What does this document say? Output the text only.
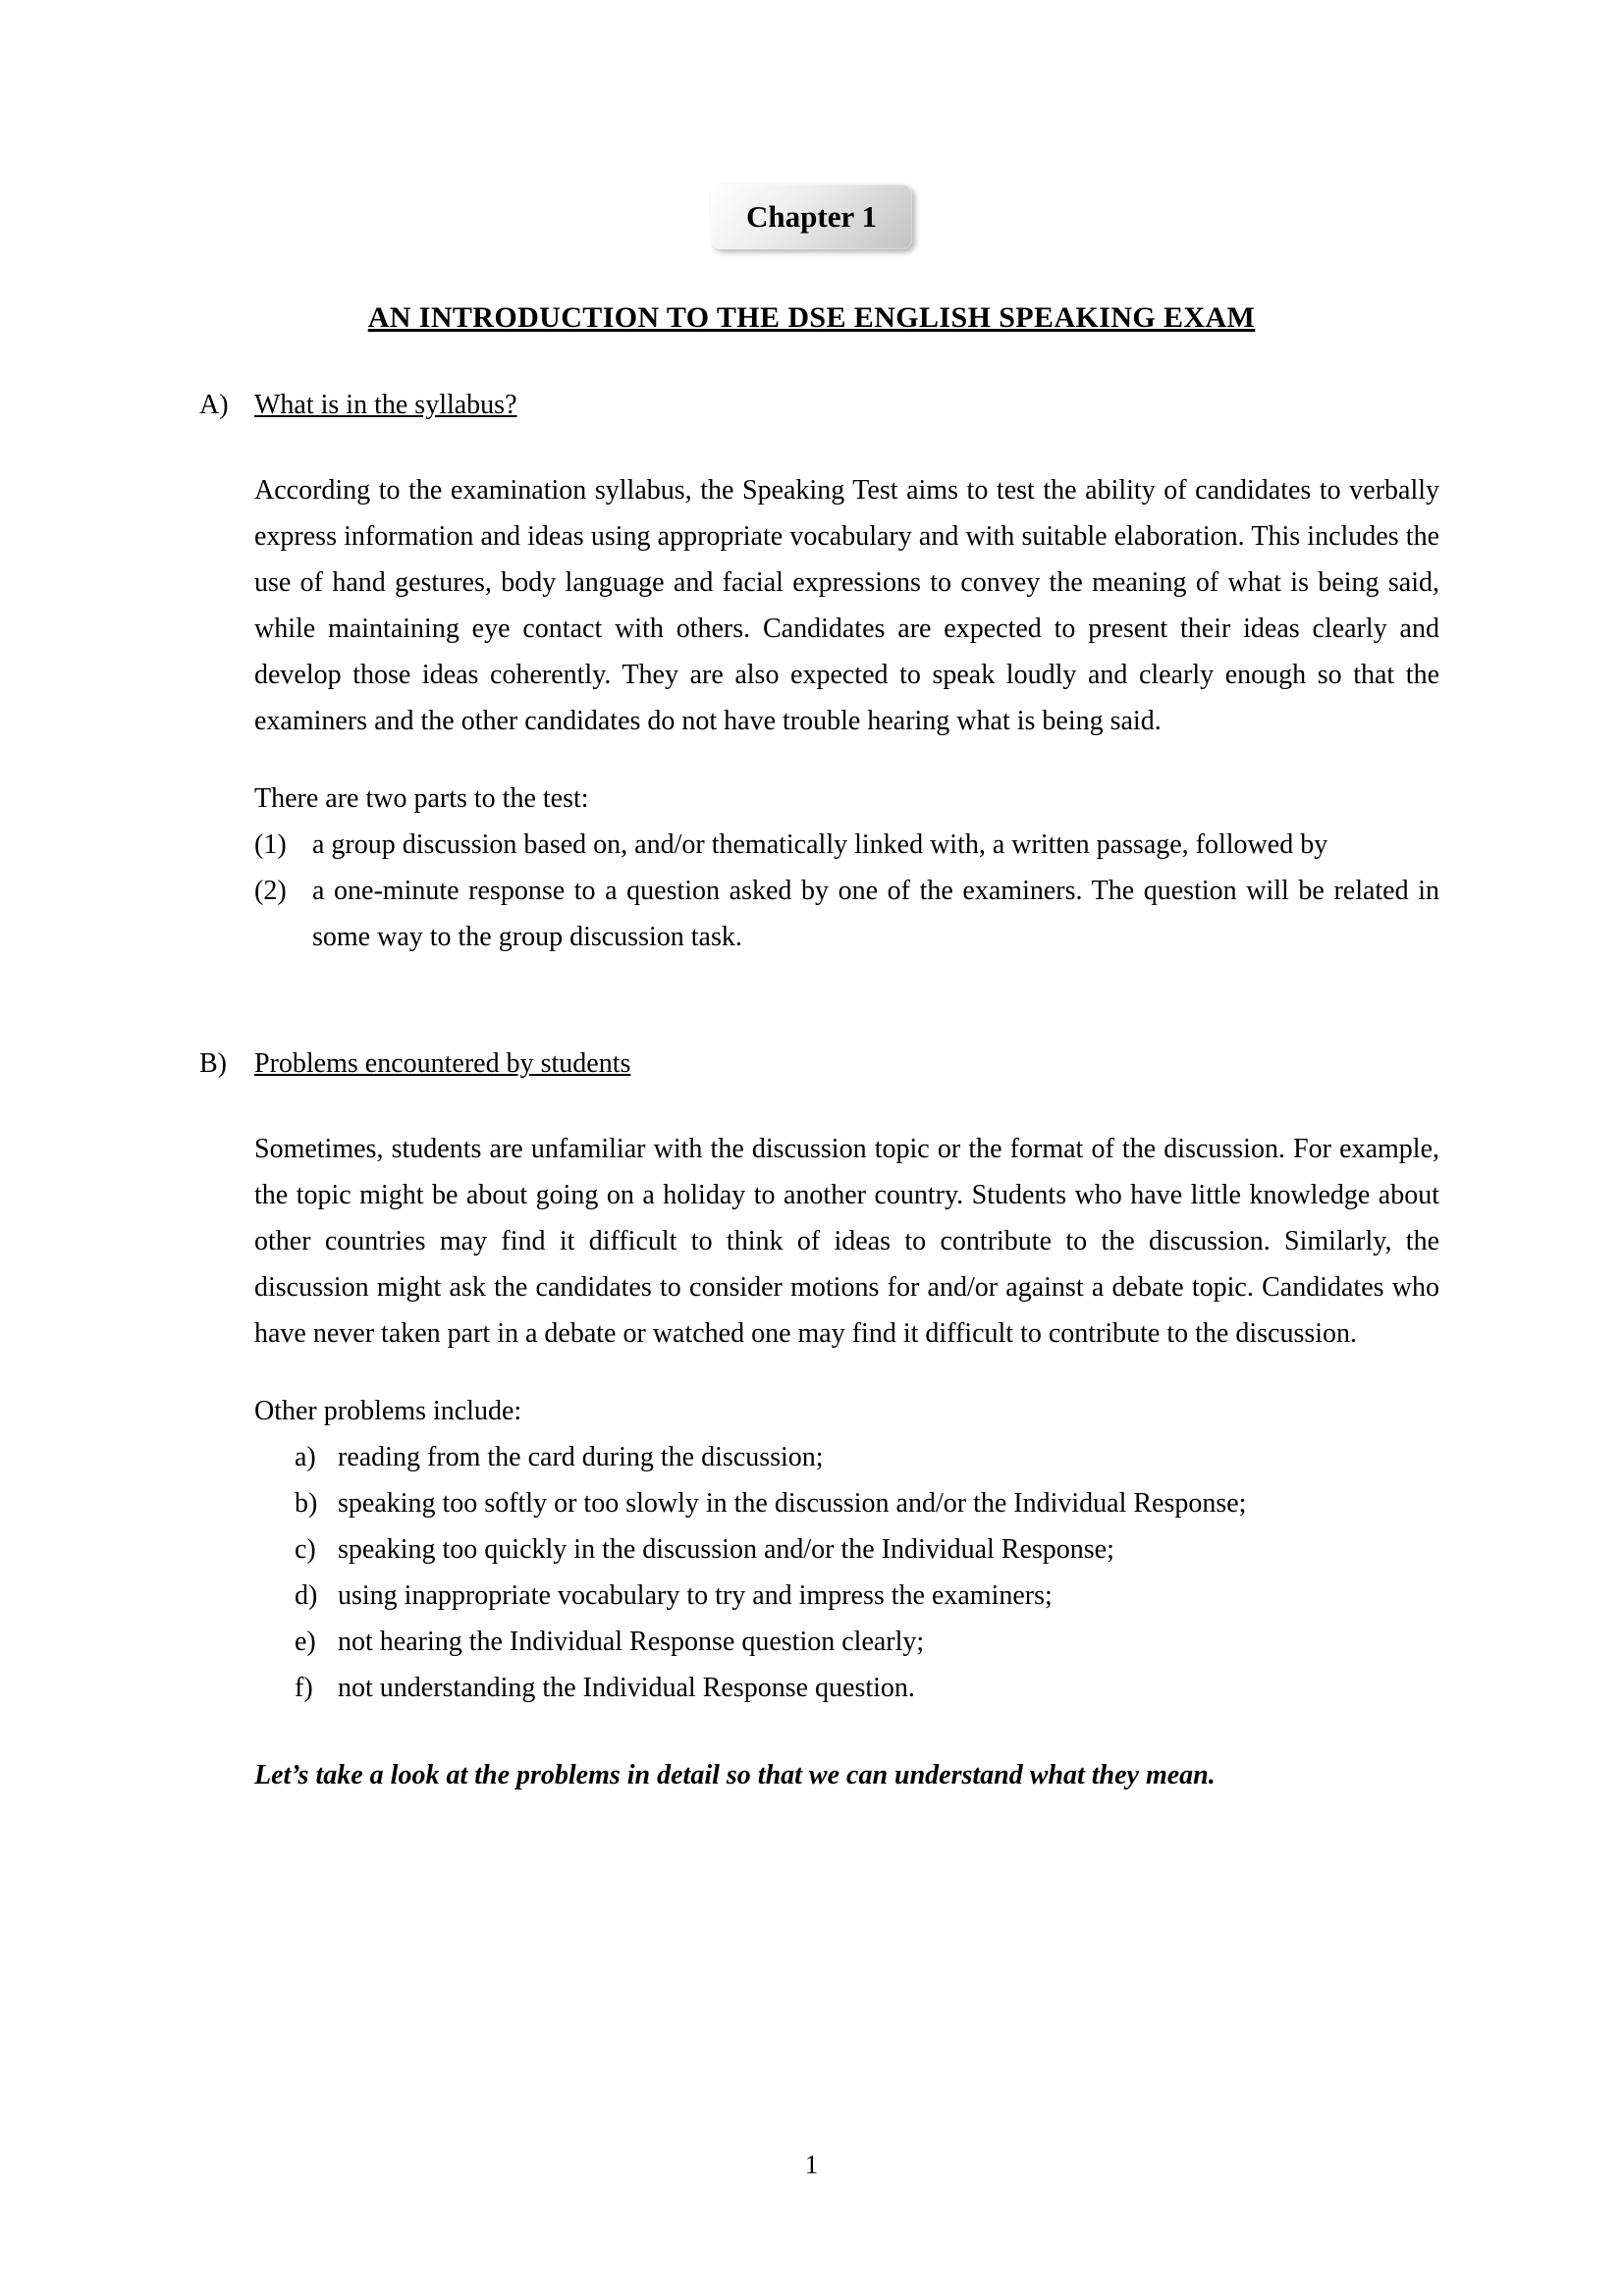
Chapter 1
AN INTRODUCTION TO THE DSE ENGLISH SPEAKING EXAM
A) What is in the syllabus?
According to the examination syllabus, the Speaking Test aims to test the ability of candidates to verbally express information and ideas using appropriate vocabulary and with suitable elaboration. This includes the use of hand gestures, body language and facial expressions to convey the meaning of what is being said, while maintaining eye contact with others. Candidates are expected to present their ideas clearly and develop those ideas coherently. They are also expected to speak loudly and clearly enough so that the examiners and the other candidates do not have trouble hearing what is being said.
There are two parts to the test:
(1) a group discussion based on, and/or thematically linked with, a written passage, followed by
(2) a one-minute response to a question asked by one of the examiners. The question will be related in some way to the group discussion task.
B)	Problems encountered by students
Sometimes, students are unfamiliar with the discussion topic or the format of the discussion. For example, the topic might be about going on a holiday to another country. Students who have little knowledge about other countries may find it difficult to think of ideas to contribute to the discussion. Similarly, the discussion might ask the candidates to consider motions for and/or against a debate topic. Candidates who have never taken part in a debate or watched one may find it difficult to contribute to the discussion.
Other problems include:
a) reading from the card during the discussion;
b) speaking too softly or too slowly in the discussion and/or the Individual Response;
c) speaking too quickly in the discussion and/or the Individual Response;
d) using inappropriate vocabulary to try and impress the examiners;
e) not hearing the Individual Response question clearly;
f) not understanding the Individual Response question.
Let’s take a look at the problems in detail so that we can understand what they mean.
1
